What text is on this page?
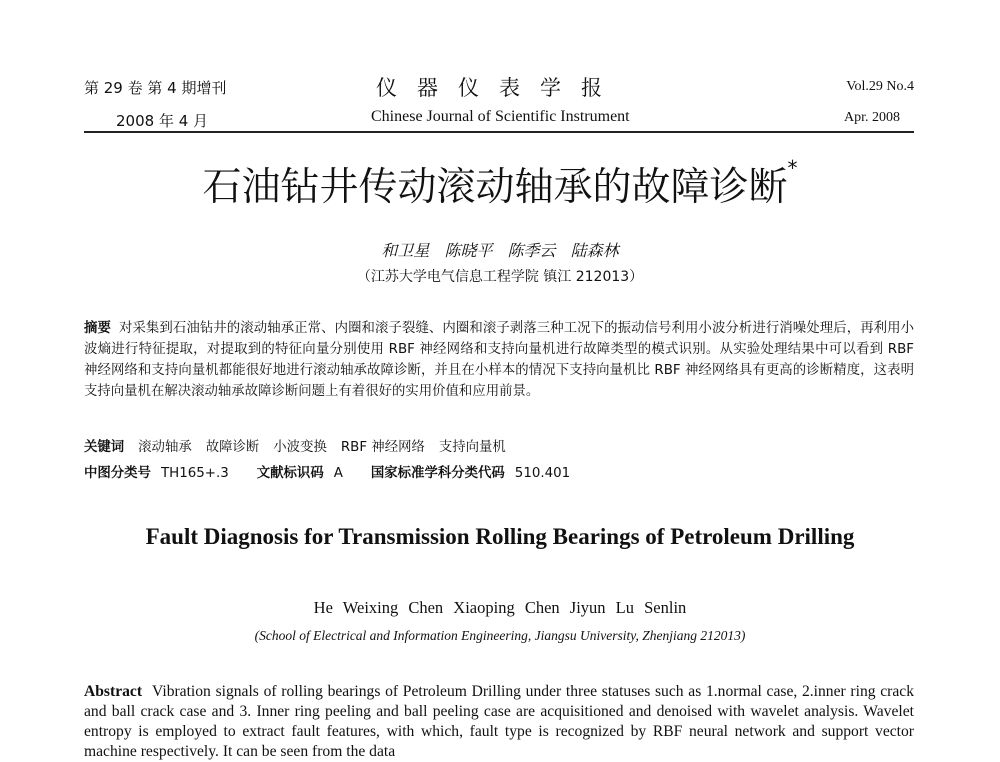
第 29 卷 第 4 期增刊
2008 年 4 月
仪器仪表学报
Chinese Journal of Scientific Instrument
Vol.29 No.4
Apr. 2008
石油钻井传动滚动轴承的故障诊断*
和卫星 陈晓平 陈季云 陆森林
（江苏大学电气信息工程学院 镇江 212013）
摘要 对采集到石油钻井的滚动轴承正常、内圈和滚子裂缝、内圈和滚子剥落三种工况下的振动信号利用小波分析进行消噪处理后，再利用小波熵进行特征提取，对提取到的特征向量分别使用 RBF 神经网络和支持向量机进行故障类型的模式识别。从实验处理结果中可以看到 RBF 神经网络和支持向量机都能很好地进行滚动轴承故障诊断，并且在小样本的情况下支持向量机比 RBF 神经网络具有更高的诊断精度，这表明支持向量机在解决滚动轴承故障诊断问题上有着很好的实用价值和应用前景。
关键词 滚动轴承 故障诊断 小波变换 RBF 神经网络 支持向量机
中图分类号 TH165+.3 文献标识码 A 国家标准学科分类代码 510.401
Fault Diagnosis for Transmission Rolling Bearings of Petroleum Drilling
He Weixing Chen Xiaoping Chen Jiyun Lu Senlin
(School of Electrical and Information Engineering, Jiangsu University, Zhenjiang 212013)
Abstract Vibration signals of rolling bearings of Petroleum Drilling under three statuses such as 1.normal case, 2.inner ring crack and ball crack case and 3. Inner ring peeling and ball peeling case are acquisitioned and denoised with wavelet analysis. Wavelet entropy is employed to extract fault features, with which, fault type is recognized by RBF neural network and support vector machine respectively. It can be seen from the data
